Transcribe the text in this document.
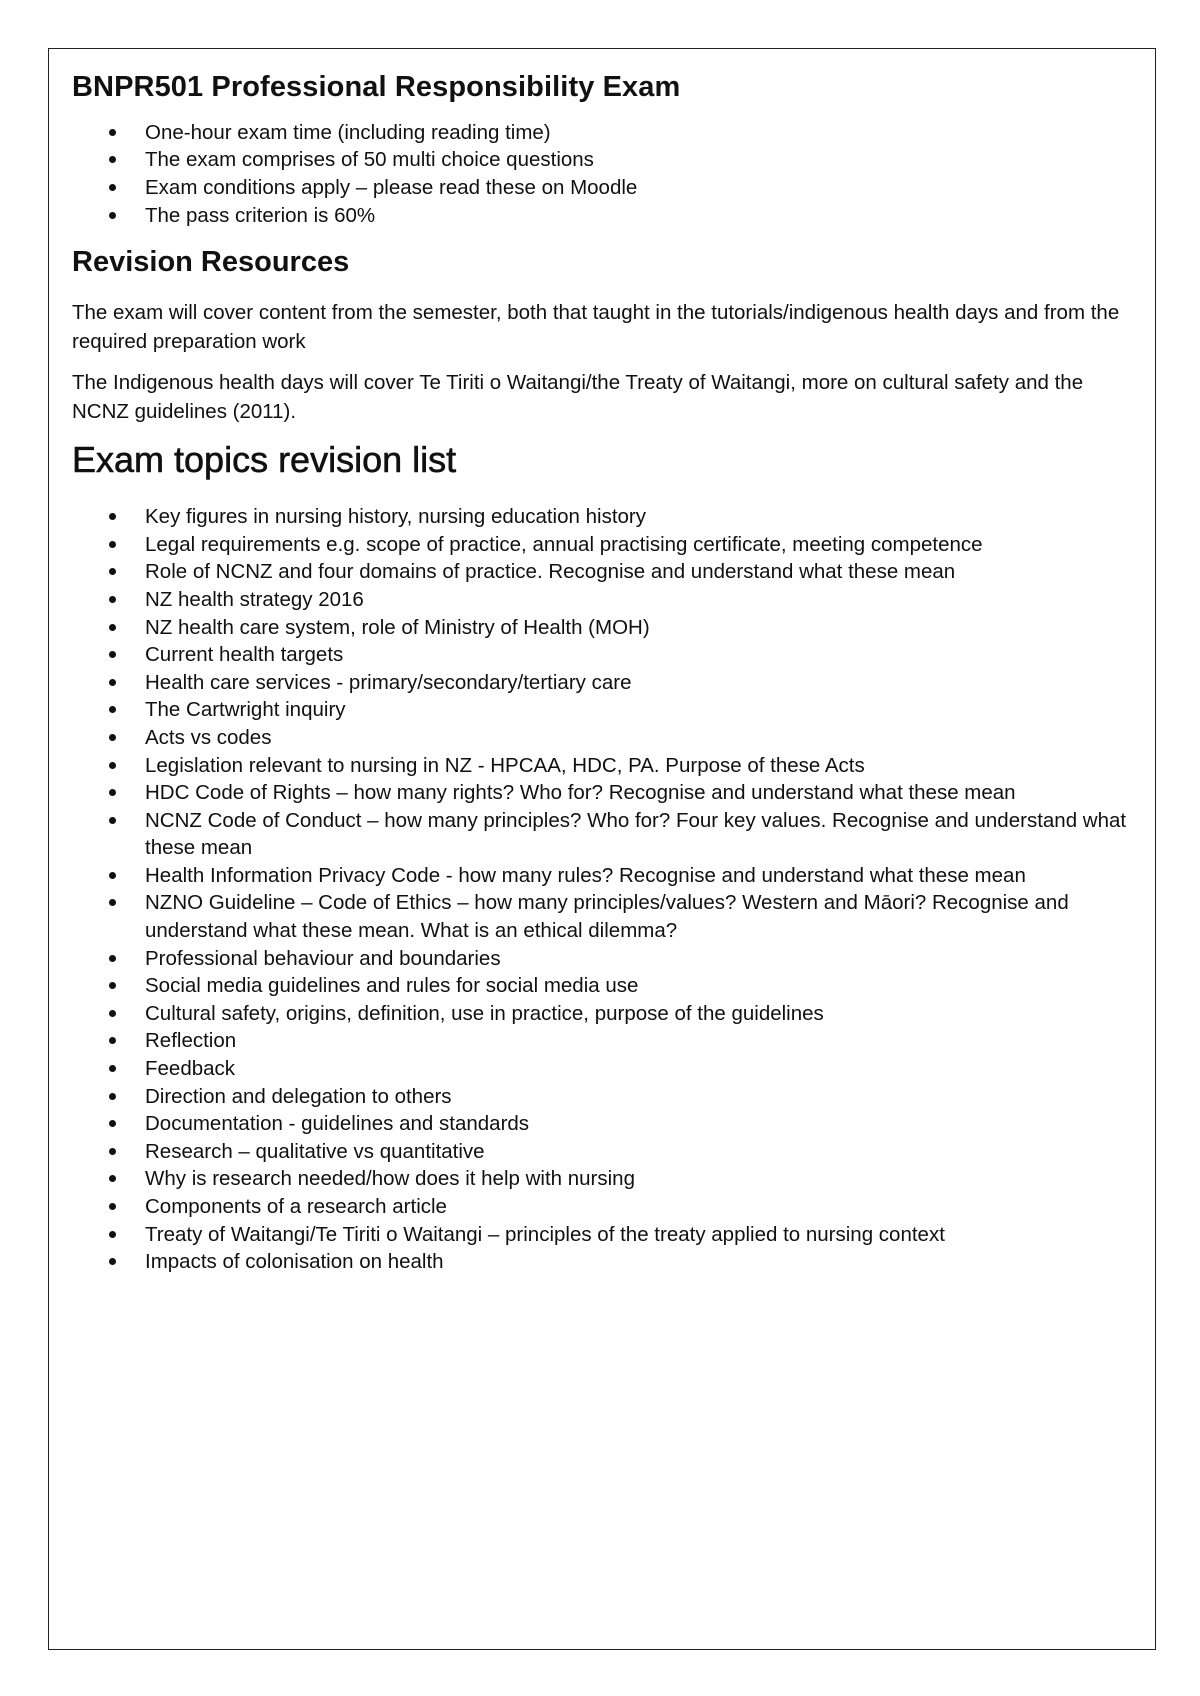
BNPR501 Professional Responsibility Exam
One-hour exam time (including reading time)
The exam comprises of 50 multi choice questions
Exam conditions apply – please read these on Moodle
The pass criterion is 60%
Revision Resources

The exam will cover content from the semester, both that taught in the tutorials/indigenous health days and from the required preparation work

The Indigenous health days will cover Te Tiriti o Waitangi/the Treaty of Waitangi, more on cultural safety and the NCNZ guidelines (2011).

Exam topics revision list
Key figures in nursing history, nursing education history
Legal requirements e.g. scope of practice, annual practising certificate, meeting competence
Role of NCNZ and four domains of practice. Recognise and understand what these mean
NZ health strategy 2016
NZ health care system, role of Ministry of Health (MOH)
Current health targets
Health care services - primary/secondary/tertiary care
The Cartwright inquiry
Acts vs codes
Legislation relevant to nursing in NZ - HPCAA, HDC, PA. Purpose of these Acts
HDC Code of Rights – how many rights? Who for? Recognise and understand what these mean
NCNZ Code of Conduct – how many principles? Who for? Four key values. Recognise and understand what these mean
Health Information Privacy Code - how many rules? Recognise and understand what these mean
NZNO Guideline – Code of Ethics – how many principles/values? Western and Māori? Recognise and understand what these mean. What is an ethical dilemma?
Professional behaviour and boundaries
Social media guidelines and rules for social media use
Cultural safety, origins, definition, use in practice, purpose of the guidelines
Reflection
Feedback
Direction and delegation to others
Documentation - guidelines and standards
Research – qualitative vs quantitative
Why is research needed/how does it help with nursing
Components of a research article
Treaty of Waitangi/Te Tiriti o Waitangi – principles of the treaty applied to nursing context
Impacts of colonisation on health
